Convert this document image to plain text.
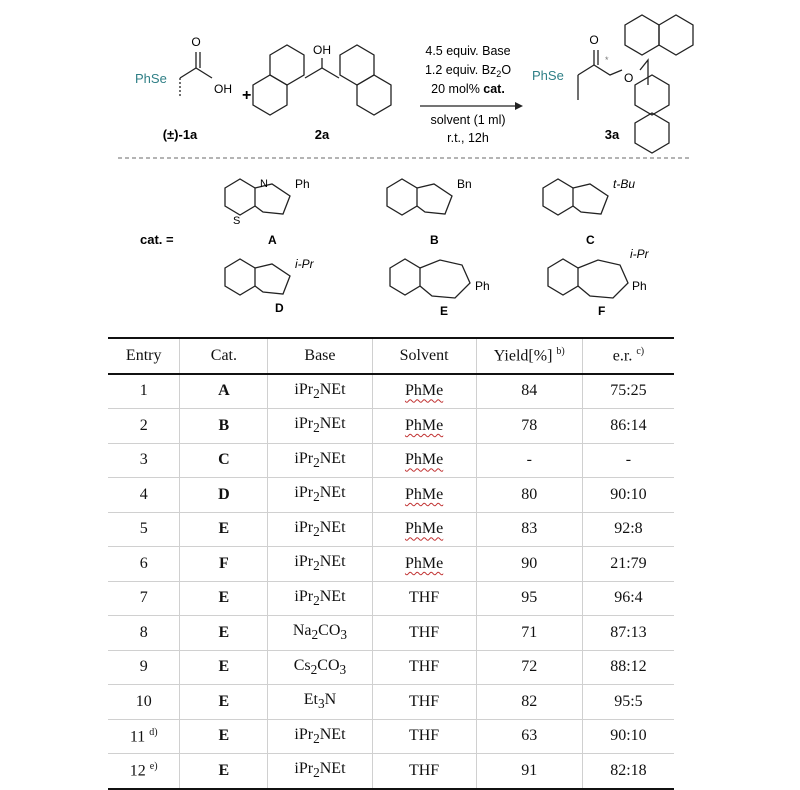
PhSe
O
OH
(±)-1a
+
OH
2a
4.5 equiv. Base
1.2 equiv. $Bz_2O$
20 mol% cat.
solvent (1 ml)
r.t., 12h
PhSe
*
O
O
3a
cat. =
N
S
Ph
A
Bn
B
t-Bu
C
i-Pr
D
Ph
E
Ph
i-Pr
F
Entry	Cat.	Base	Solvent	Yield[%] $^{b)}$	e.r. $^{c)}$
1	A	iPr$_2$NEt	PhMe	84	75:25
2	B	iPr$_2$NEt	PhMe	78	86:14
3	C	iPr$_2$NEt	PhMe	-	-
4	D	iPr$_2$NEt	PhMe	80	90:10
5	E	iPr$_2$NEt	PhMe	83	92:8
6	F	iPr$_2$NEt	PhMe	90	21:79
7	E	iPr$_2$NEt	THF	95	96:4
8	E	$Na_2CO_3$	THF	71	87:13
9	E	$Cs_2CO_3$	THF	72	88:12
10	E	$Et_3N$	THF	82	95:5
11 $^{d)}$	E	iPr$_2$NEt	THF	63	90:10
12 $^{e)}$	E	iPr$_2$NEt	THF	91	82:18
